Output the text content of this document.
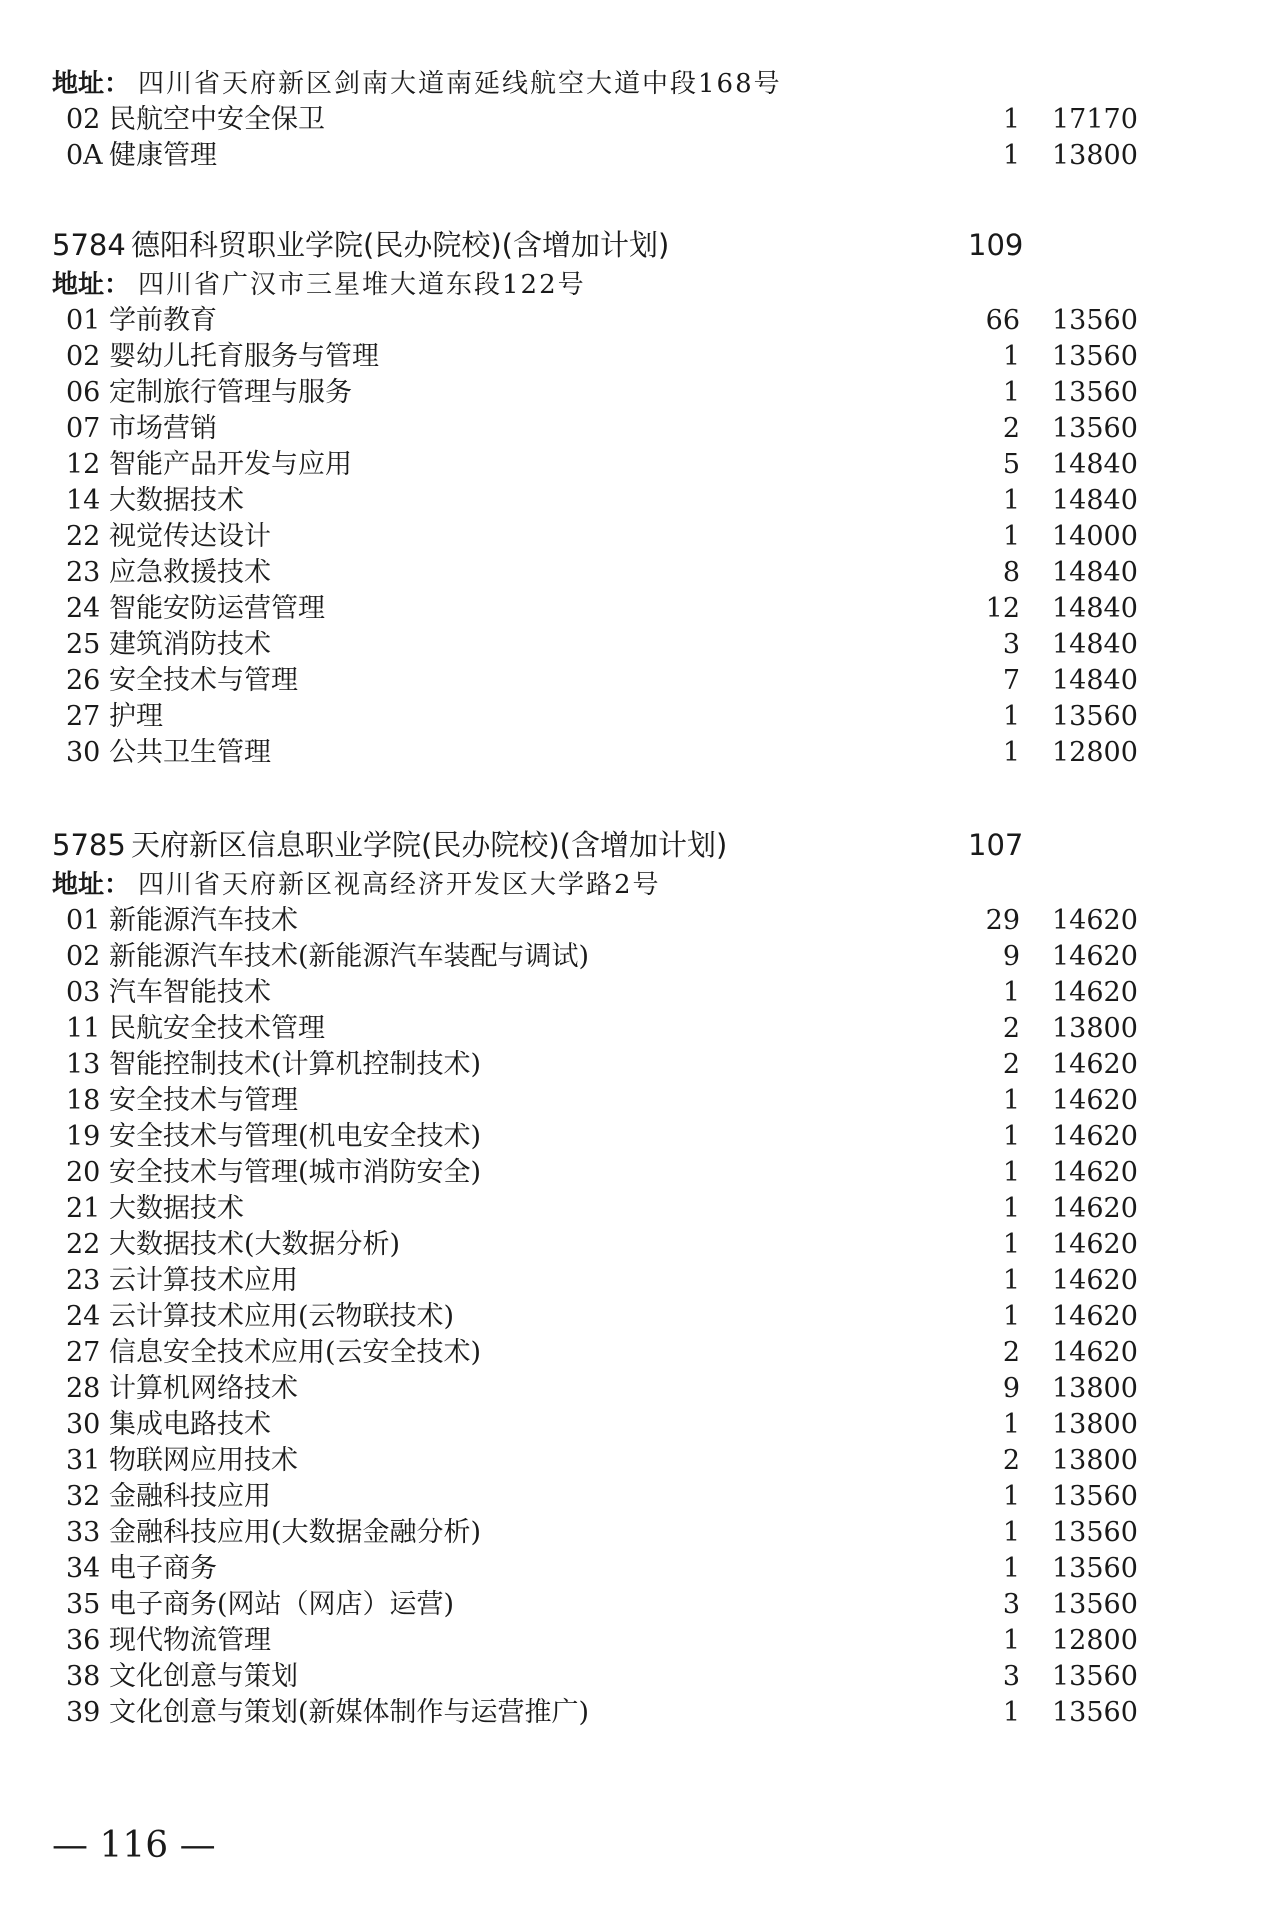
地址： 四川省天府新区剑南大道南延线航空大道中段168号
02 民航空中安全保卫	1 17170
0A 健康管理	1 13800
5784 德阳科贸职业学院(民办院校)(含增加计划)	109
地址： 四川省广汉市三星堆大道东段122号
01 学前教育	66 13560
02 婴幼儿托育服务与管理	1 13560
06 定制旅行管理与服务	1 13560
07 市场营销	2 13560
12 智能产品开发与应用	5 14840
14 大数据技术	1 14840
22 视觉传达设计	1 14000
23 应急救援技术	8 14840
24 智能安防运营管理	12 14840
25 建筑消防技术	3 14840
26 安全技术与管理	7 14840
27 护理	1 13560
30 公共卫生管理	1 12800
5785 天府新区信息职业学院(民办院校)(含增加计划)	107
地址： 四川省天府新区视高经济开发区大学路2号
01 新能源汽车技术	29 14620
02 新能源汽车技术(新能源汽车装配与调试)	9 14620
03 汽车智能技术	1 14620
11 民航安全技术管理	2 13800
13 智能控制技术(计算机控制技术)	2 14620
18 安全技术与管理	1 14620
19 安全技术与管理(机电安全技术)	1 14620
20 安全技术与管理(城市消防安全)	1 14620
21 大数据技术	1 14620
22 大数据技术(大数据分析)	1 14620
23 云计算技术应用	1 14620
24 云计算技术应用(云物联技术)	1 14620
27 信息安全技术应用(云安全技术)	2 14620
28 计算机网络技术	9 13800
30 集成电路技术	1 13800
31 物联网应用技术	2 13800
32 金融科技应用	1 13560
33 金融科技应用(大数据金融分析)	1 13560
34 电子商务	1 13560
35 电子商务(网站（网店）运营)	3 13560
36 现代物流管理	1 12800
38 文化创意与策划	3 13560
39 文化创意与策划(新媒体制作与运营推广)	1 13560
— 116 —
